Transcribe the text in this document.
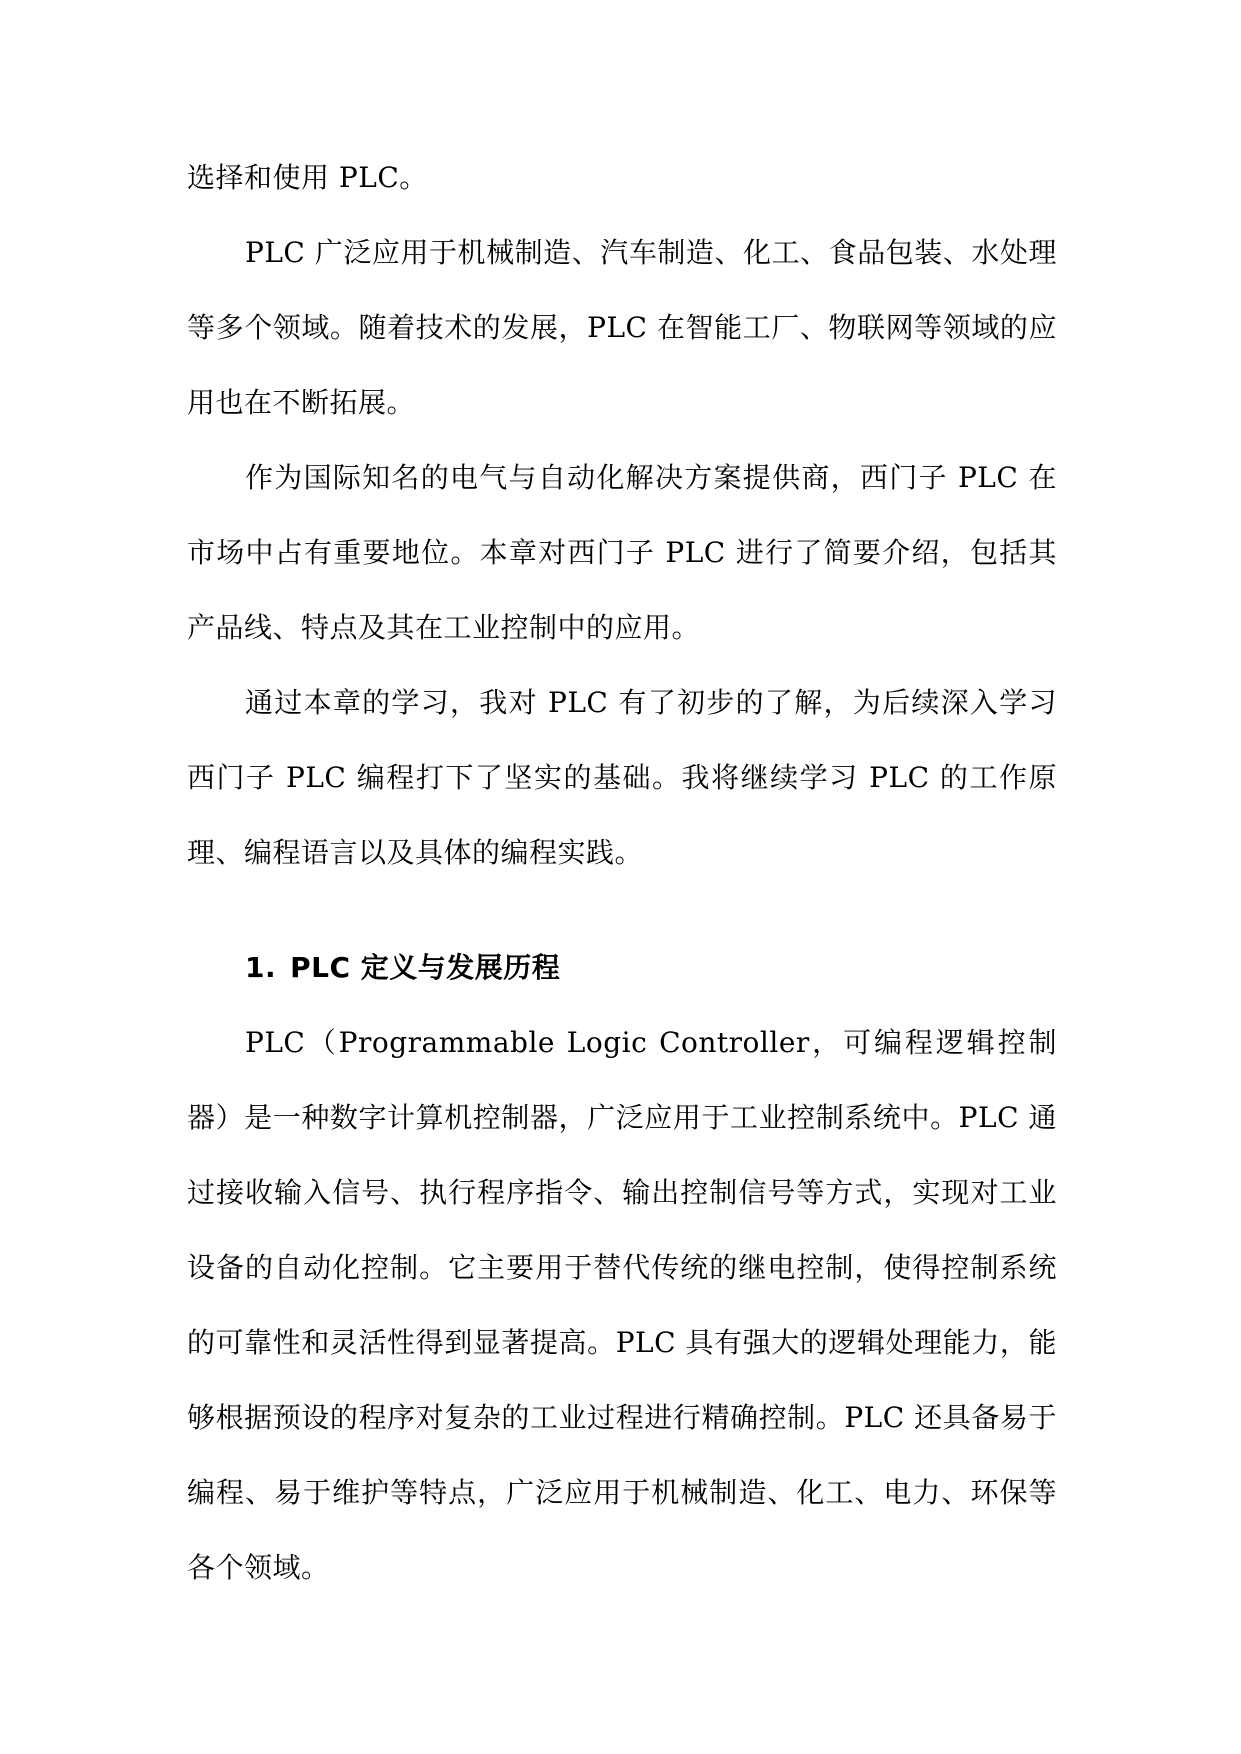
选择和使用 PLC。

PLC 广泛应用于机械制造、汽车制造、化工、食品包装、水处理等多个领域。随着技术的发展，PLC 在智能工厂、物联网等领域的应用也在不断拓展。

作为国际知名的电气与自动化解决方案提供商，西门子 PLC 在市场中占有重要地位。本章对西门子 PLC 进行了简要介绍，包括其产品线、特点及其在工业控制中的应用。

通过本章的学习，我对 PLC 有了初步的了解，为后续深入学习西门子 PLC 编程打下了坚实的基础。我将继续学习 PLC 的工作原理、编程语言以及具体的编程实践。

1. PLC 定义与发展历程

PLC（Programmable Logic Controller，可编程逻辑控制器）是一种数字计算机控制器，广泛应用于工业控制系统中。PLC 通过接收输入信号、执行程序指令、输出控制信号等方式，实现对工业设备的自动化控制。它主要用于替代传统的继电控制，使得控制系统的可靠性和灵活性得到显著提高。PLC 具有强大的逻辑处理能力，能够根据预设的程序对复杂的工业过程进行精确控制。PLC 还具备易于编程、易于维护等特点，广泛应用于机械制造、化工、电力、环保等各个领域。
